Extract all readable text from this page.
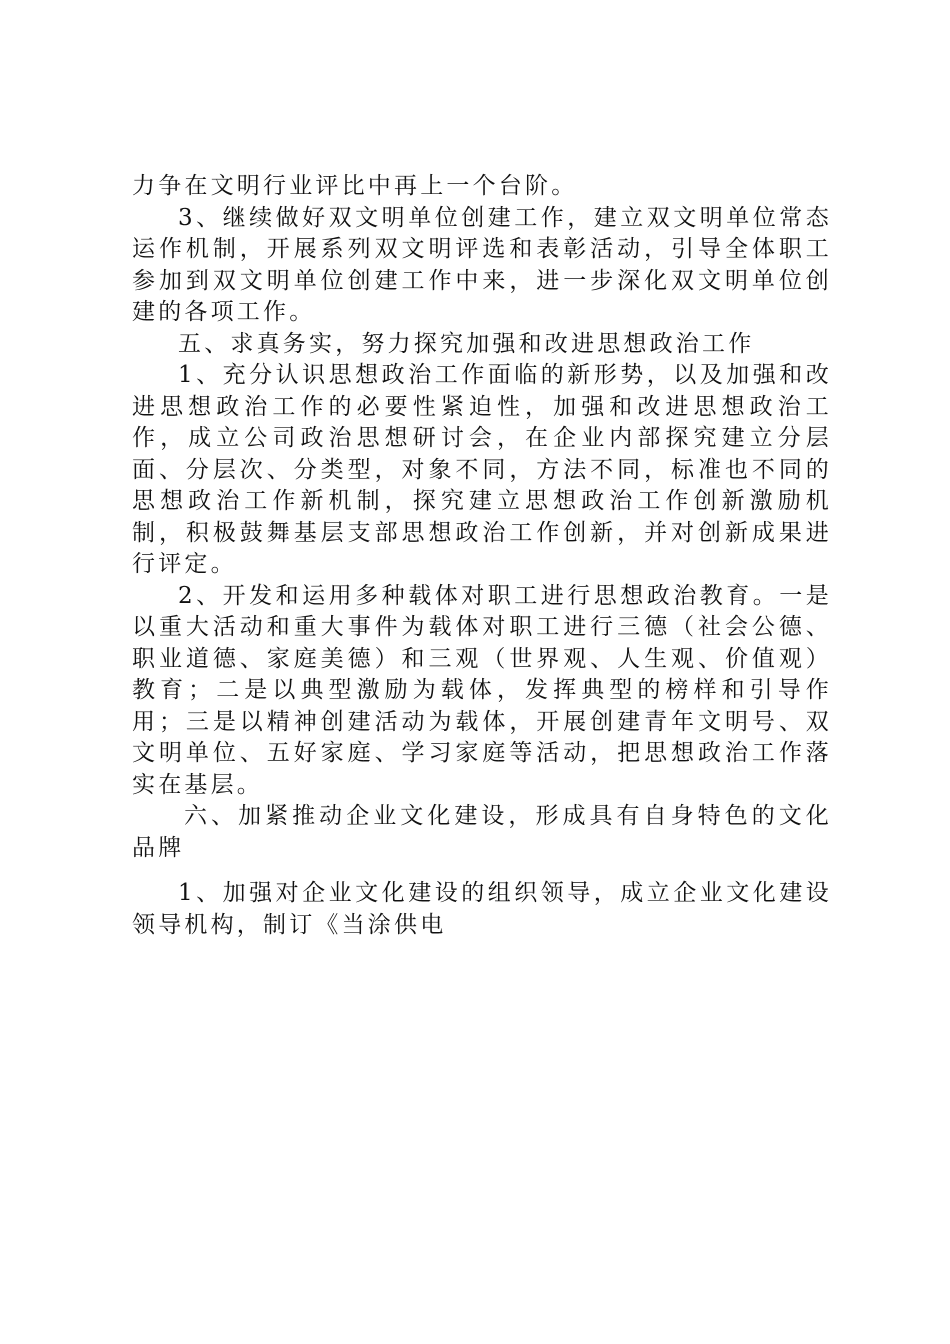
力争在文明行业评比中再上一个台阶。

3、继续做好双文明单位创建工作，建立双文明单位常态运作机制，开展系列双文明评选和表彰活动，引导全体职工参加到双文明单位创建工作中来，进一步深化双文明单位创建的各项工作。

五、求真务实，努力探究加强和改进思想政治工作

1、充分认识思想政治工作面临的新形势，以及加强和改进思想政治工作的必要性紧迫性，加强和改进思想政治工作，成立公司政治思想研讨会，在企业内部探究建立分层面、分层次、分类型，对象不同，方法不同，标准也不同的思想政治工作新机制，探究建立思想政治工作创新激励机制，积极鼓舞基层支部思想政治工作创新，并对创新成果进行评定。

2、开发和运用多种载体对职工进行思想政治教育。一是以重大活动和重大事件为载体对职工进行三德（社会公德、职业道德、家庭美德）和三观（世界观、人生观、价值观）教育；二是以典型激励为载体，发挥典型的榜样和引导作用；三是以精神创建活动为载体，开展创建青年文明号、双文明单位、五好家庭、学习家庭等活动，把思想政治工作落实在基层。

六、加紧推动企业文化建设，形成具有自身特色的文化品牌

1、加强对企业文化建设的组织领导，成立企业文化建设领导机构，制订《当涂供电
